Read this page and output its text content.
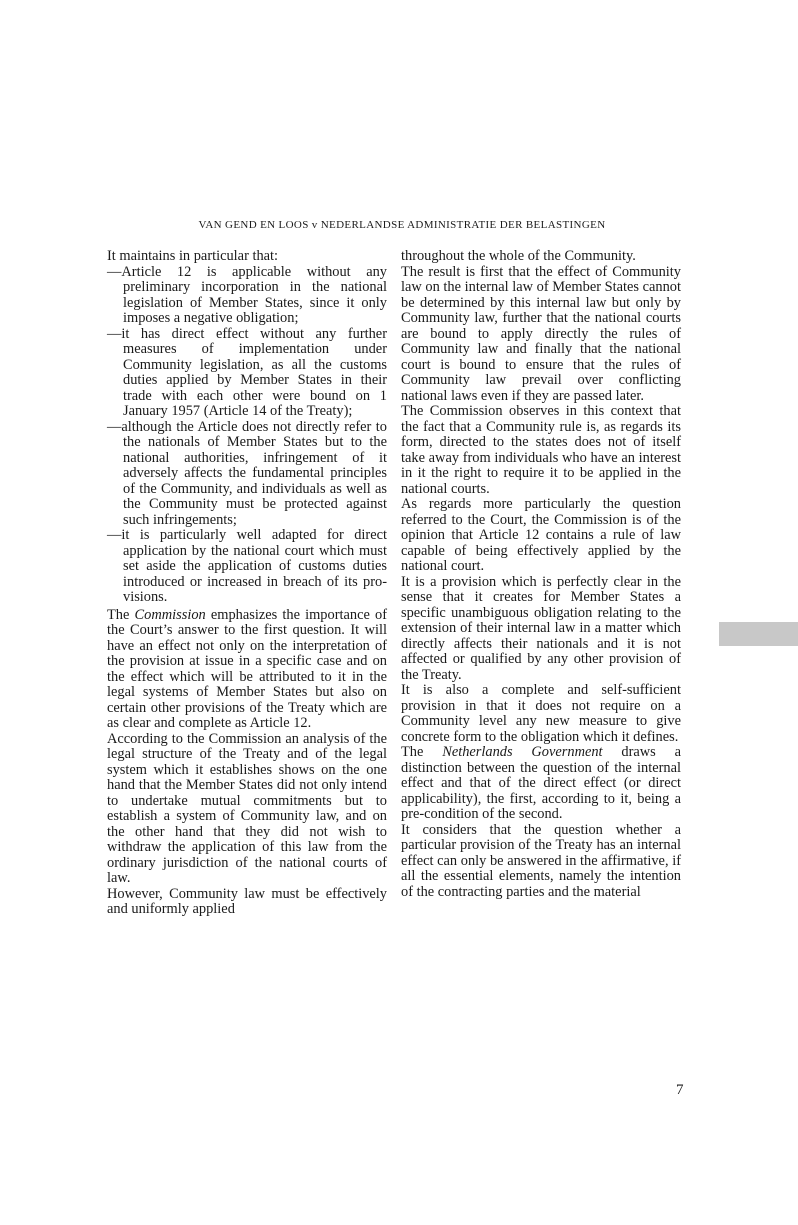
VAN GEND EN LOOS v NEDERLANDSE ADMINISTRATIE DER BELASTINGEN

It maintains in particular that:

—Article 12 is applicable without any preliminary incorporation in the national legislation of Member States, since it only imposes a negative obligation;

—it has direct effect without any further measures of implementation under Community legislation, as all the customs duties applied by Member States in their trade with each other were bound on 1 January 1957 (Article 14 of the Treaty);

—although the Article does not directly refer to the nationals of Member States but to the national authorities, infringement of it adversely affects the fundamental principles of the Community, and individuals as well as the Community must be protected against such infringements;

—it is particularly well adapted for direct application by the national court which must set aside the application of customs duties introduced or increased in breach of its provisions.

The Commission emphasizes the importance of the Court’s answer to the first question. It will have an effect not only on the interpretation of the provision at issue in a specific case and on the effect which will be attributed to it in the legal systems of Member States but also on certain other provisions of the Treaty which are as clear and complete as Article 12.

According to the Commission an analysis of the legal structure of the Treaty and of the legal system which it establishes shows on the one hand that the Member States did not only intend to undertake mutual commitments but to establish a system of Community law, and on the other hand that they did not wish to withdraw the application of this law from the ordinary jurisdiction of the national courts of law.

However, Community law must be effectively and uniformly applied

throughout the whole of the Community.

The result is first that the effect of Community law on the internal law of Member States cannot be determined by this internal law but only by Community law, further that the national courts are bound to apply directly the rules of Community law and finally that the national court is bound to ensure that the rules of Community law prevail over conflicting national laws even if they are passed later.

The Commission observes in this context that the fact that a Community rule is, as regards its form, directed to the states does not of itself take away from individuals who have an interest in it the right to require it to be applied in the national courts.

As regards more particularly the question referred to the Court, the Commission is of the opinion that Article 12 contains a rule of law capable of being effectively applied by the national court.

It is a provision which is perfectly clear in the sense that it creates for Member States a specific unambiguous obligation relating to the extension of their internal law in a matter which directly affects their nationals and it is not affected or qualified by any other provision of the Treaty.

It is also a complete and self-sufficient provision in that it does not require on a Community level any new measure to give concrete form to the obligation which it defines.

The Netherlands Government draws a distinction between the question of the internal effect and that of the direct effect (or direct applicability), the first, according to it, being a pre-condition of the second.

It considers that the question whether a particular provision of the Treaty has an internal effect can only be answered in the affirmative, if all the essential elements, namely the intention of the contracting parties and the material

7
